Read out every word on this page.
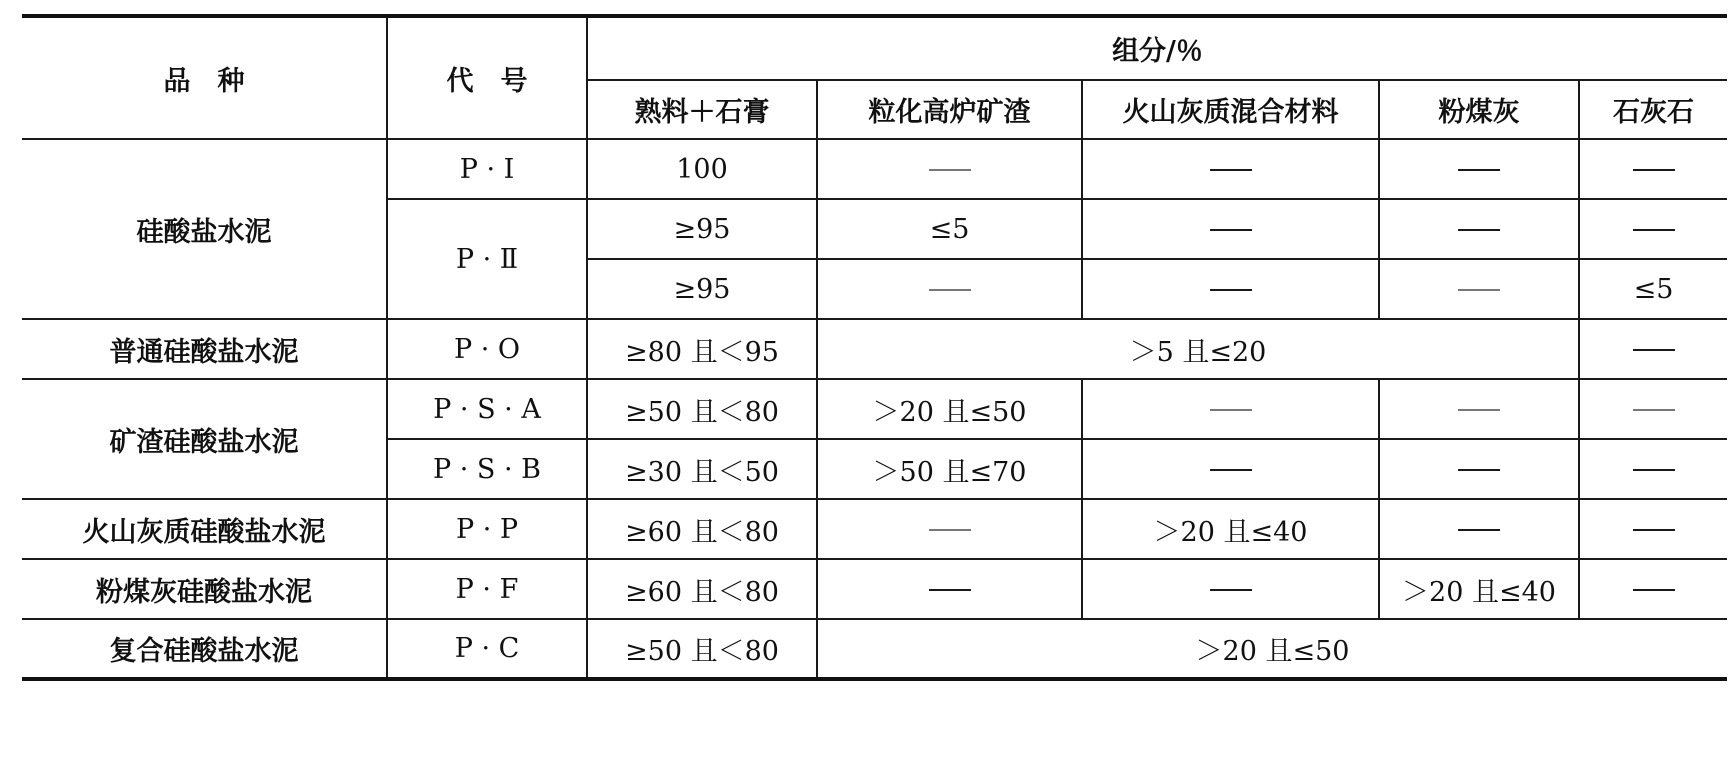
品　种	代　号	组分/％				
		熟料＋石膏	粒化高炉矿渣	火山灰质混合材料	粉煤灰	石灰石
硅酸盐水泥	P · Ⅰ	100				
	P · Ⅱ	≥95	≤5			
		≥95				≤5
普通硅酸盐水泥	P · O	≥80 且＜95	＞5 且≤20			
矿渣硅酸盐水泥	P · S · A	≥50 且＜80	＞20 且≤50			
	P · S · B	≥30 且＜50	＞50 且≤70			
火山灰质硅酸盐水泥	P · P	≥60 且＜80		＞20 且≤40		
粉煤灰硅酸盐水泥	P · F	≥60 且＜80			＞20 且≤40	
复合硅酸盐水泥	P · C	≥50 且＜80	＞20 且≤50			
